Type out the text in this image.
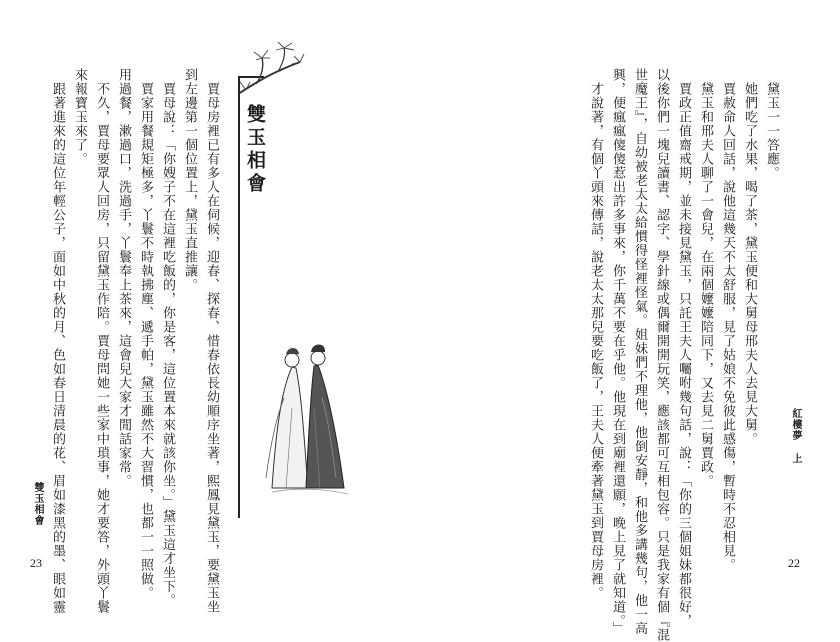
紅樓夢 上
22
黛玉一一答應。
她們吃了水果，喝了茶，黛玉便和大舅母邢夫人去見大舅。
賈赦命人回話，說他這幾天不太舒服，見了姑娘不免彼此感傷，暫時不忍相見。
黛玉和邢夫人聊了一會兒，在兩個嬤嬤陪同下，又去見二舅賈政。
賈政正值齋戒期，並未接見黛玉，只託王夫人囑咐幾句話，說：「你的三個姐妹都很好，
以後你們一塊兒讀書、認字、學針線或偶爾開開玩笑，應該都可互相包容。只是我家有個『混
世魔王』，自幼被老太太給慣得怪裡怪氣。姐妹們不理他，他倒安靜，和他多講幾句，他一高
興，便瘋瘋傻傻惹出許多事來，你千萬不要在乎他。他現在到廟裡還願，晚上見了就知道。」
才說著，有個丫頭來傳話，說老太太那兒要吃飯了，王夫人便牽著黛玉到賈母房裡。
賈母房裡已有多人在伺候，迎春、探春、惜春依長幼順序坐著，熙鳳見黛玉，要黛玉坐
到左邊第一個位置上，黛玉直推讓。
賈母說：「你嫂子不在這裡吃飯的，你是客，這位置本來就該你坐。」黛玉這才坐下。
賈家用餐規矩極多，丫鬟不時執拂塵、遞手帕，黛玉雖然不大習慣，也都一一照做。
用過餐，漱過口，洗過手，丫鬟奉上茶來，這會兒大家才閒話家常。
不久，賈母要眾人回房，只留黛玉作陪。賈母問她一些家中瑣事，她才要答，外頭丫鬟
來報寶玉來了。
跟著進來的這位年輕公子，面如中秋的月、色如春日清晨的花、眉如漆黑的墨、眼如靈
雙玉相會
23
雙玉相會
